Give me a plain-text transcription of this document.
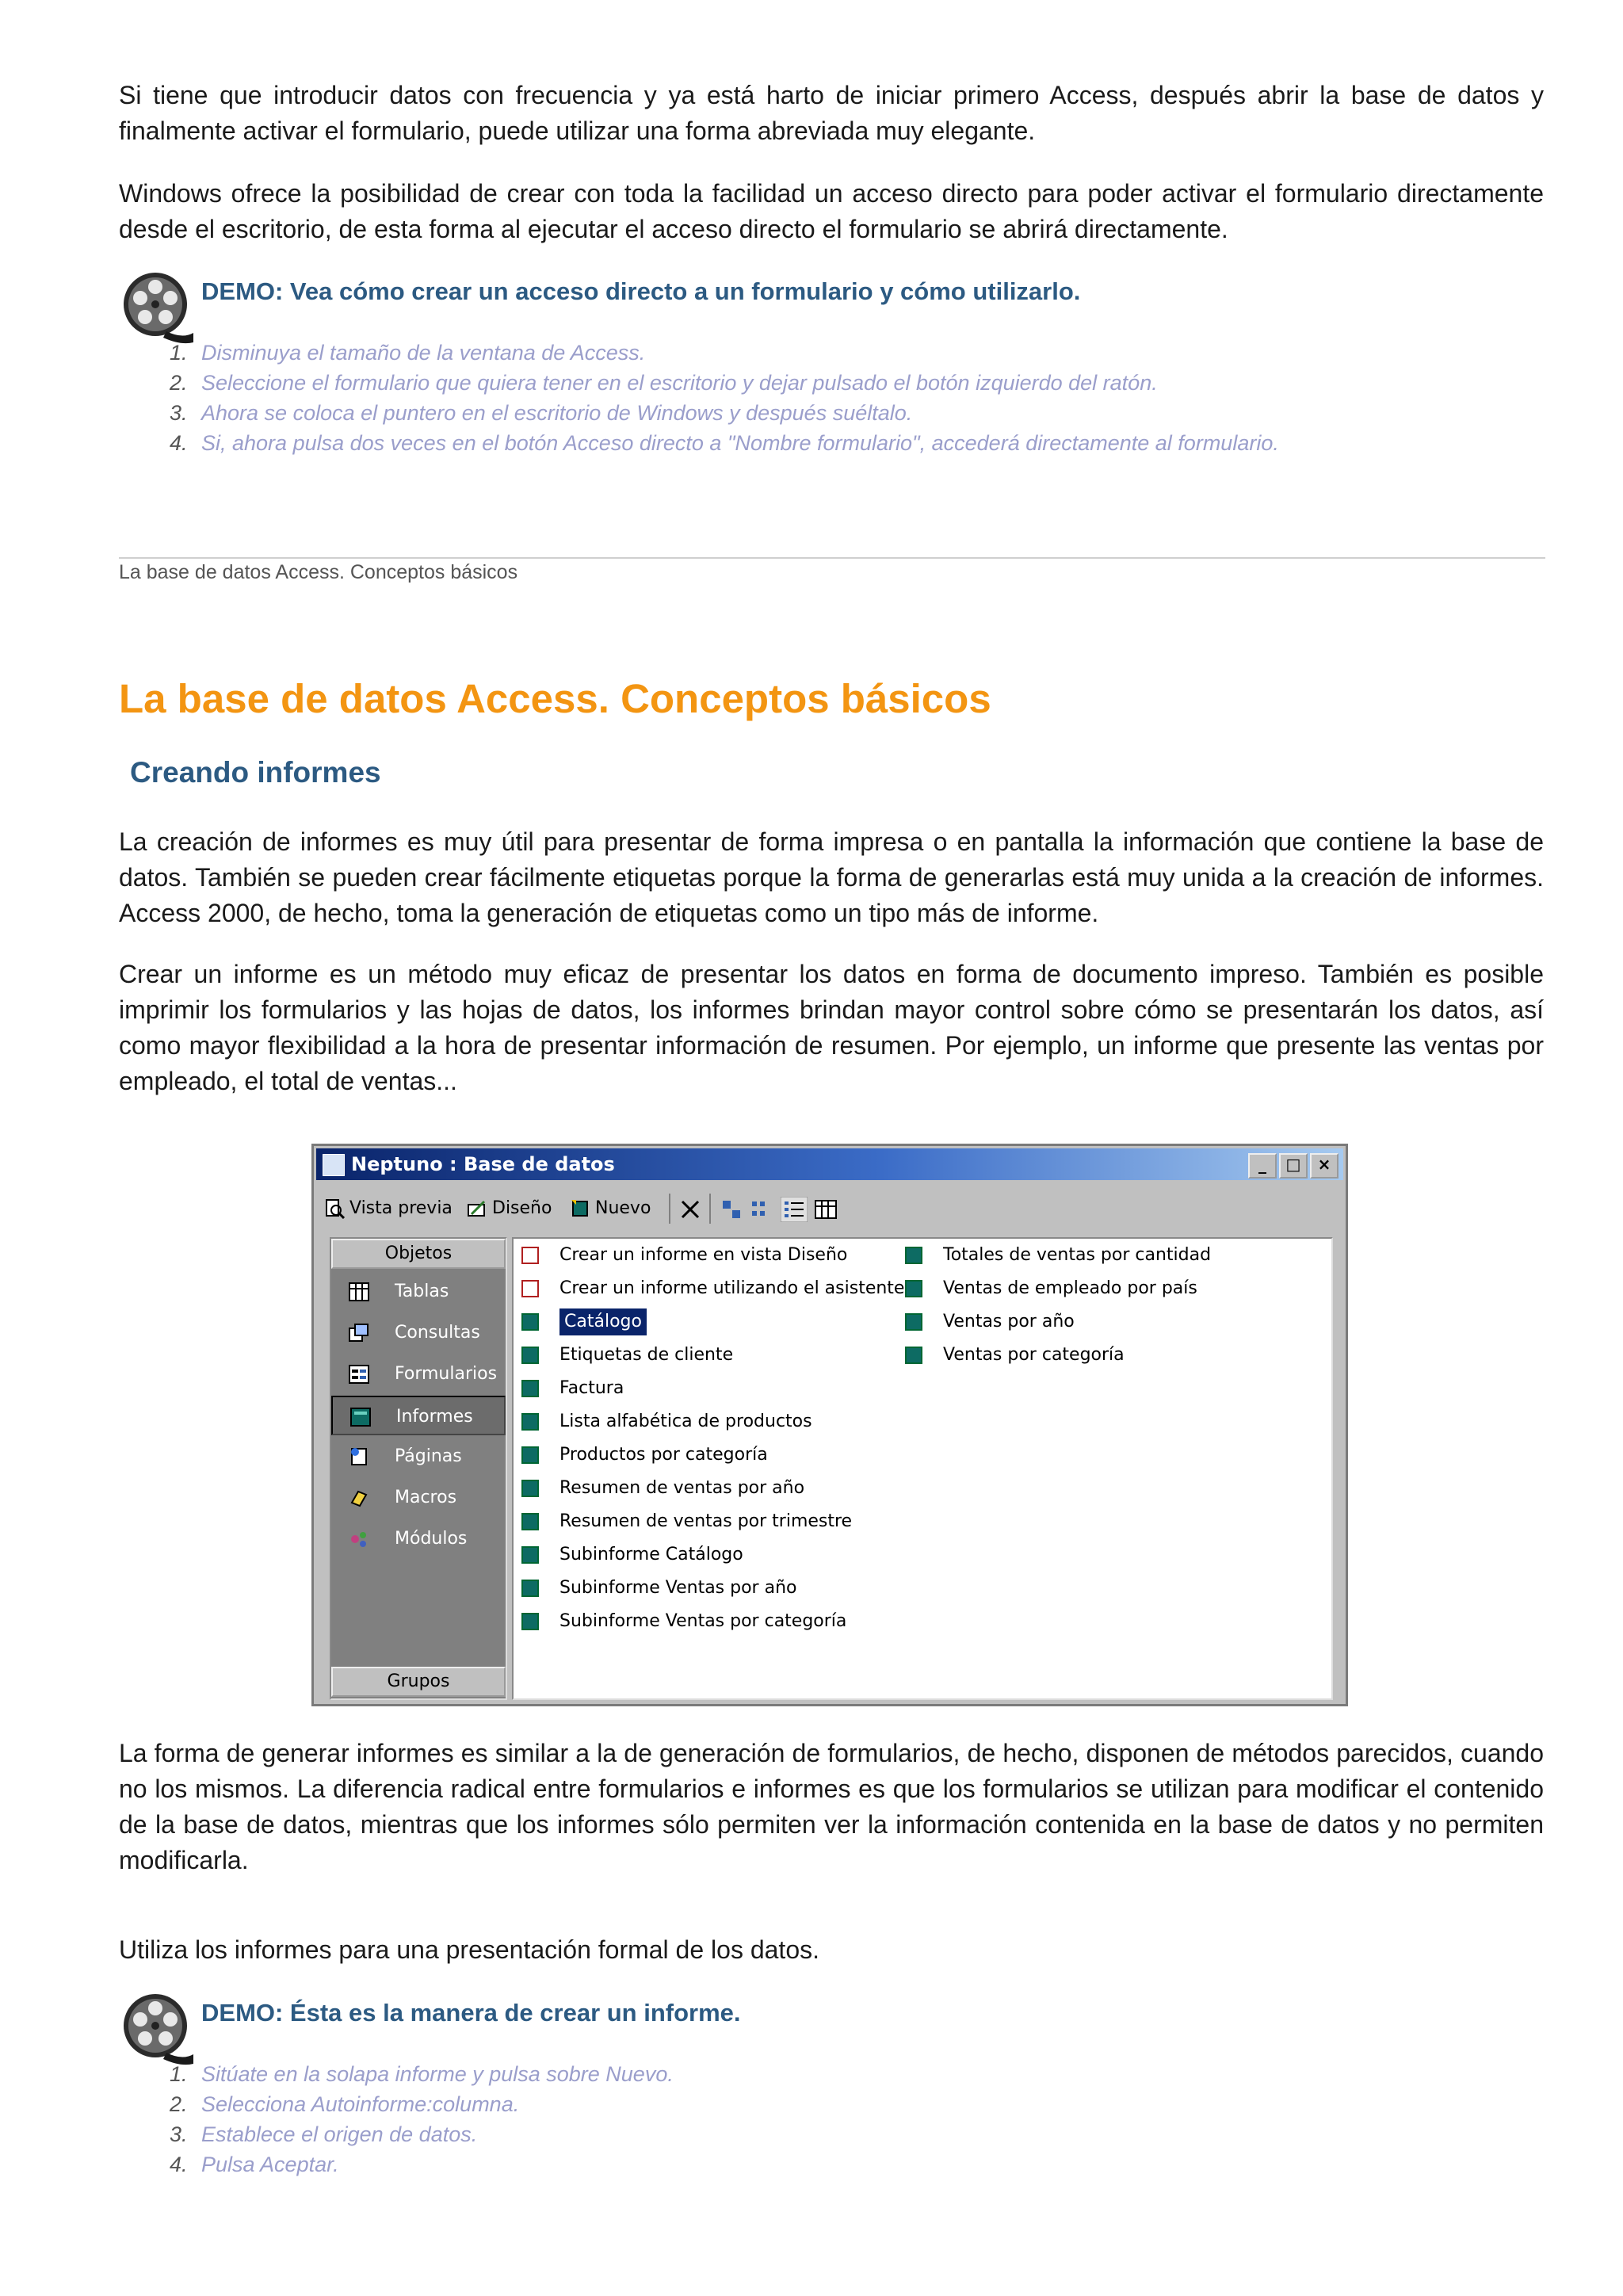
Si tiene que introducir datos con frecuencia y ya está harto de iniciar primero Access, después abrir la base de datos y finalmente activar el formulario, puede utilizar una forma abreviada muy elegante.

Windows ofrece la posibilidad de crear con toda la facilidad un acceso directo para poder activar el formulario directamente desde el escritorio, de esta forma al ejecutar el acceso directo el formulario se abrirá directamente.

DEMO: Vea cómo crear un acceso directo a un formulario y cómo utilizarlo.
1. Disminuya el tamaño de la ventana de Access.
2. Seleccione el formulario que quiera tener en el escritorio y dejar pulsado el botón izquierdo del ratón.
3. Ahora se coloca el puntero en el escritorio de Windows y después suéltalo.
4. Si, ahora pulsa dos veces en el botón Acceso directo a "Nombre formulario", accederá directamente al formulario.
La base de datos Access. Conceptos básicos
La base de datos Access. Conceptos básicos
Creando informes

La creación de informes es muy útil para presentar de forma impresa o en pantalla la información que contiene la base de datos. También se pueden crear fácilmente etiquetas porque la forma de generarlas está muy unida a la creación de informes. Access 2000, de hecho, toma la generación de etiquetas como un tipo más de informe.

Crear un informe es un método muy eficaz de presentar los datos en forma de documento impreso. También es posible imprimir los formularios y las hojas de datos, los informes brindan mayor control sobre cómo se presentarán los datos, así como mayor flexibilidad a la hora de presentar información de resumen. Por ejemplo, un informe que presente las ventas por empleado, el total de ventas...

Neptuno : Base de datos	_	□	×
Vista previa Diseño Nuevo
Objetos
Tablas
Consultas
Formularios
Informes
Páginas
Macros
Módulos
Grupos
Crear un informe en vista Diseño
Crear un informe utilizando el asistente
Catálogo
Etiquetas de cliente
Factura
Lista alfabética de productos
Productos por categoría
Resumen de ventas por año
Resumen de ventas por trimestre
Subinforme Catálogo
Subinforme Ventas por año
Subinforme Ventas por categoría
Totales de ventas por cantidad
Ventas de empleado por país
Ventas por año
Ventas por categoría

La forma de generar informes es similar a la de generación de formularios, de hecho, disponen de métodos parecidos, cuando no los mismos. La diferencia radical entre formularios e informes es que los formularios se utilizan para modificar el contenido de la base de datos, mientras que los informes sólo permiten ver la información contenida en la base de datos y no permiten modificarla.

Utiliza los informes para una presentación formal de los datos.

DEMO: Ésta es la manera de crear un informe.
1. Sitúate en la solapa informe y pulsa sobre Nuevo.
2. Selecciona Autoinforme:columna.
3. Establece el origen de datos.
4. Pulsa Aceptar.
